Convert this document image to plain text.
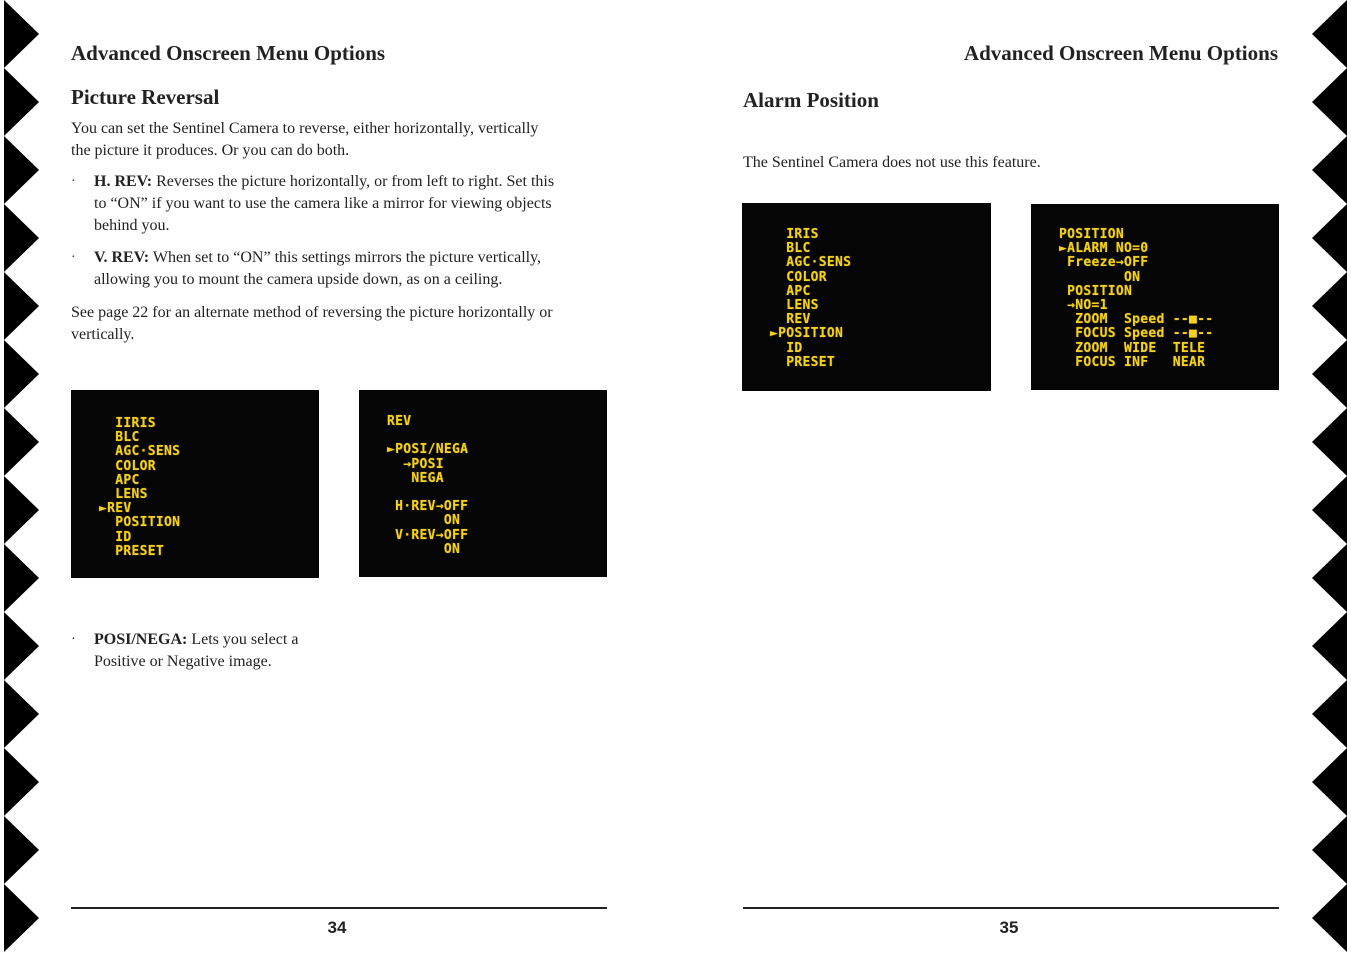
Advanced Onscreen Menu Options
Picture Reversal
You can set the Sentinel Camera to reverse, either horizontally, vertically
the picture it produces. Or you can do both.
· H. REV: Reverses the picture horizontally, or from left to right. Set this
to “ON” if you want to use the camera like a mirror for viewing objects
behind you.
· V. REV: When set to “ON” this settings mirrors the picture vertically,
allowing you to mount the camera upside down, as on a ceiling.
See page 22 for an alternate method of reversing the picture horizontally or
vertically.
IIRIS
BLC
AGC·SENS
COLOR
APC
LENS
►REV
POSITION
ID
PRESET
REV
►POSI/NEGA
→POSI
NEGA
H·REV→OFF
ON
V·REV→OFF
ON
· POSI/NEGA: Lets you select a
Positive or Negative image.
34
Advanced Onscreen Menu Options
Alarm Position
The Sentinel Camera does not use this feature.
IRIS
BLC
AGC·SENS
COLOR
APC
LENS
REV
►POSITION
ID
PRESET
POSITION
►ALARM NO=0
Freeze→OFF
ON
POSITION
→NO=1
ZOOM  Speed --■--
FOCUS Speed --■--
ZOOM  WIDE  TELE
FOCUS INF   NEAR
35
